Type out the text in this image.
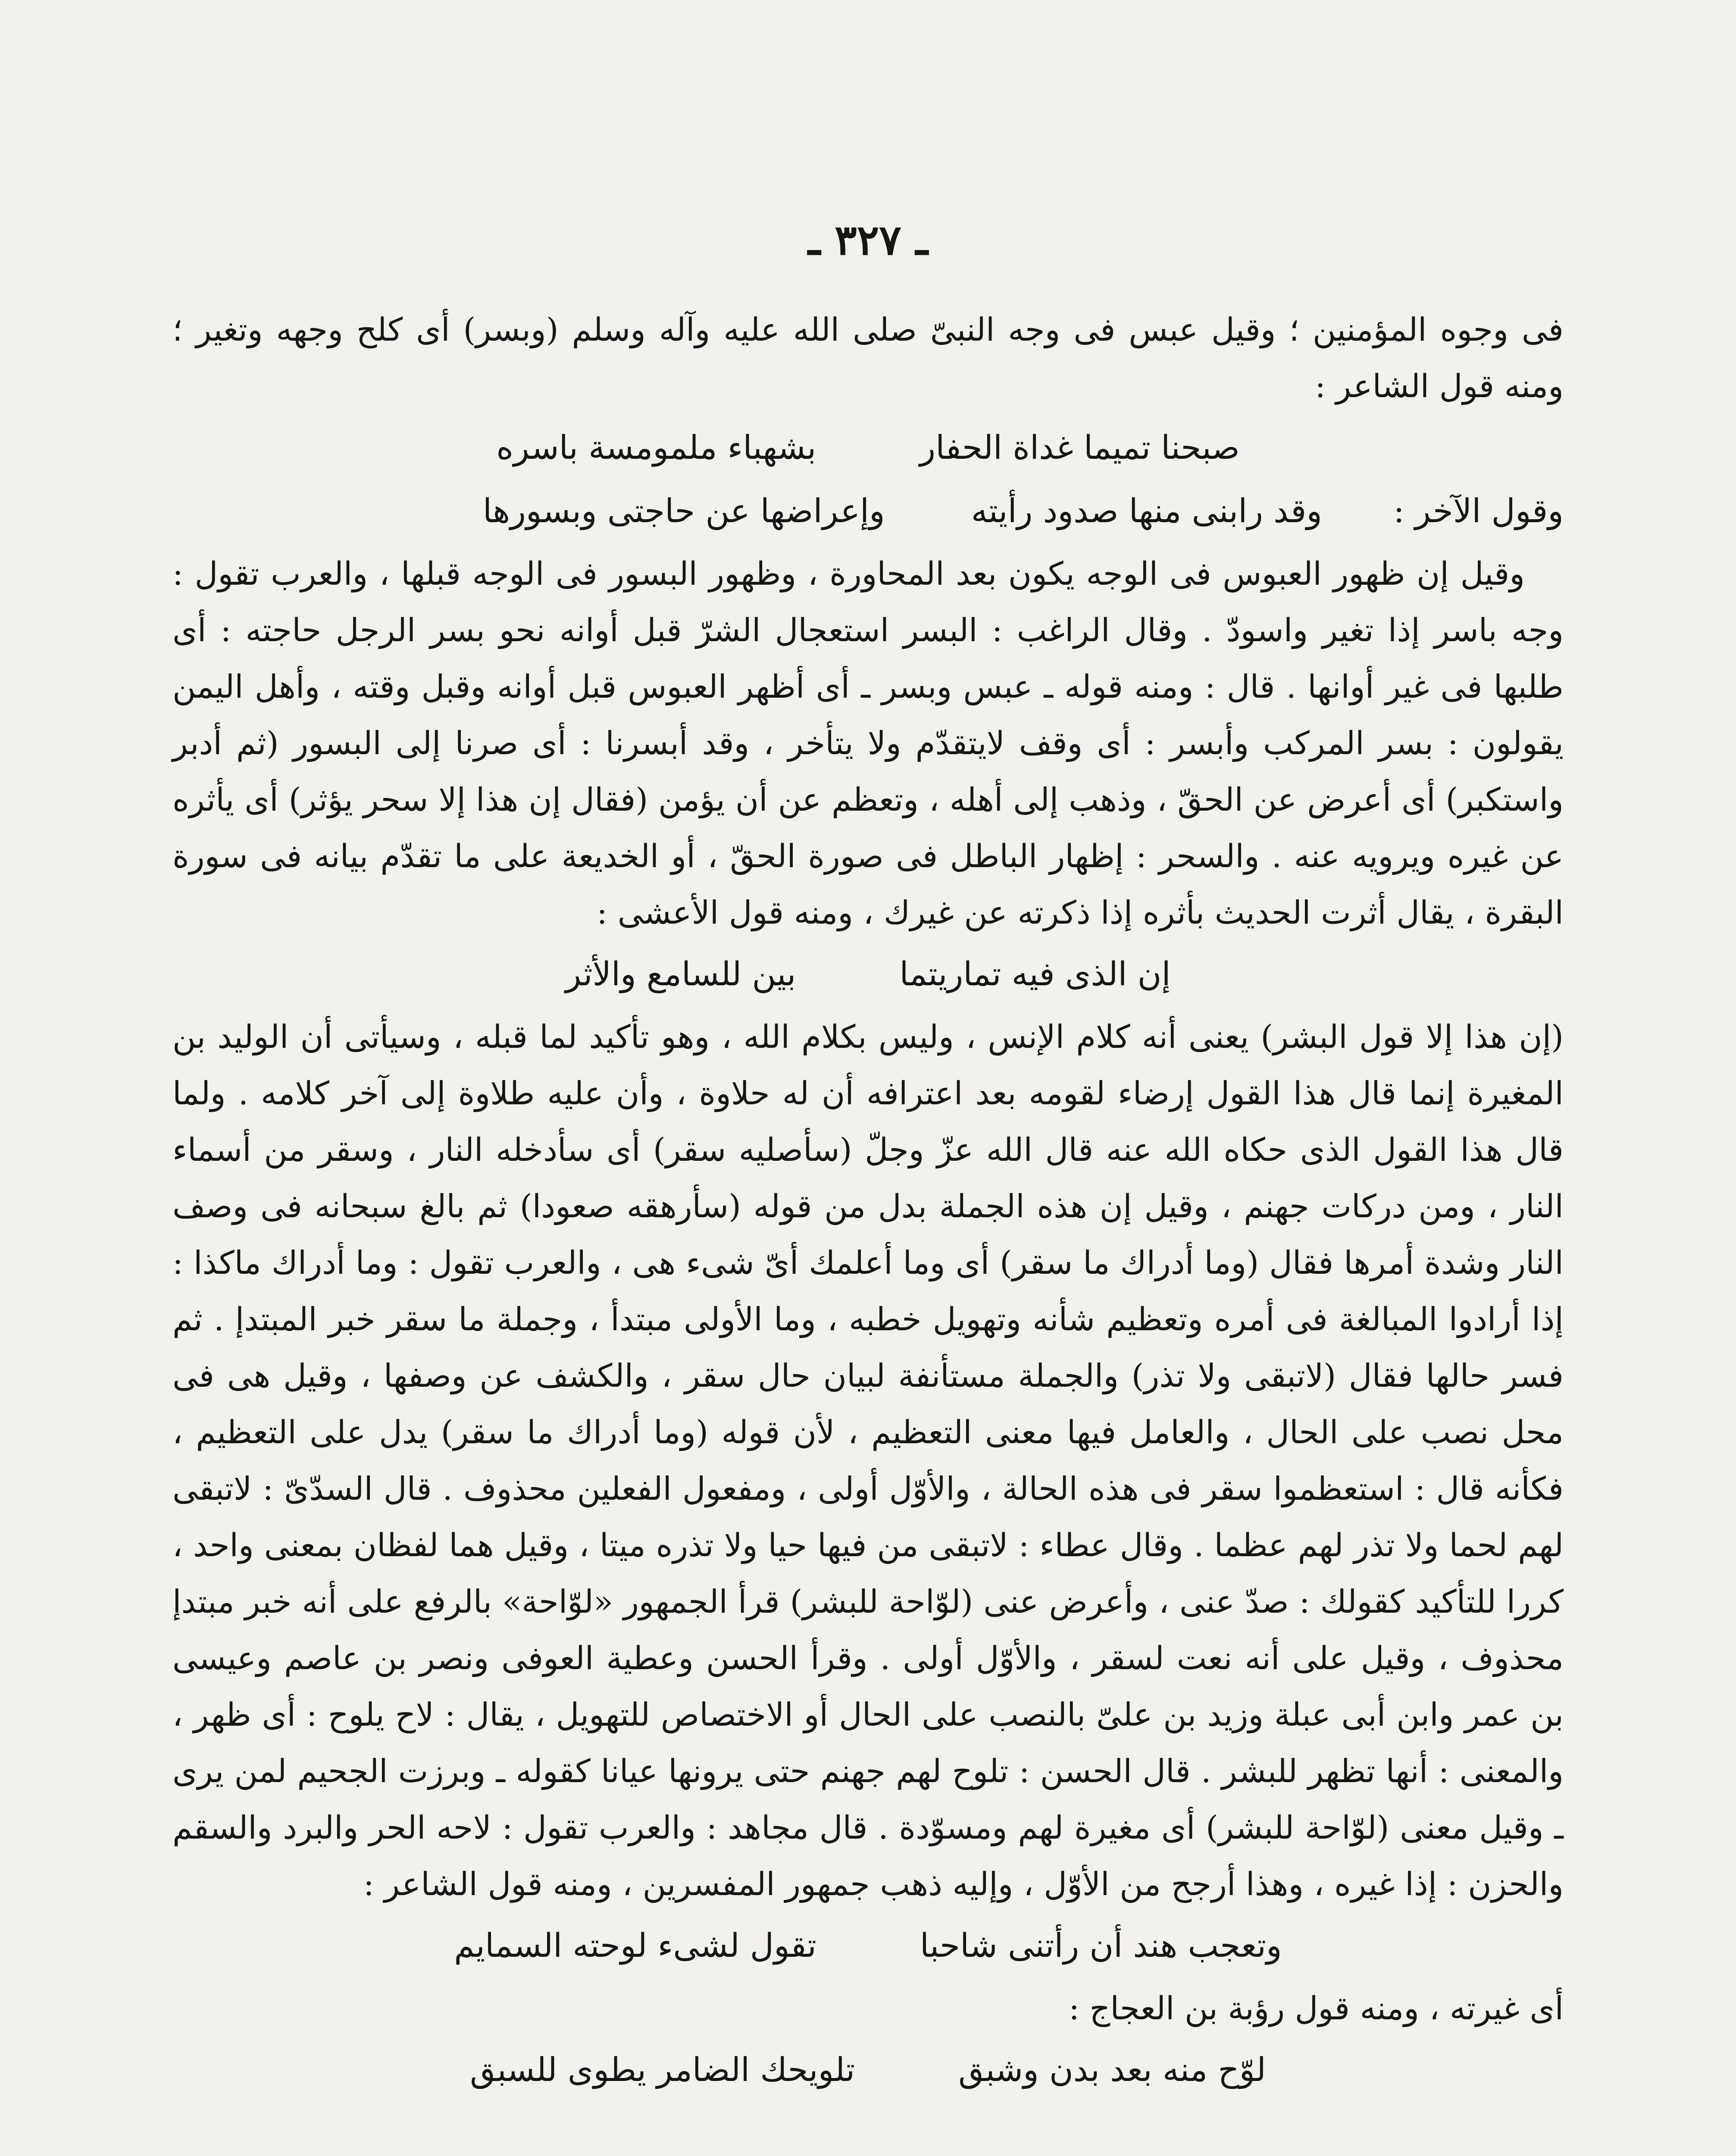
ـ ٣٢٧ ـ

فى وجوه المؤمنين ؛ وقيل عبس فى وجه النبىّ صلى الله عليه وآله وسلم (وبسر) أى كلح وجهه وتغير ؛ ومنه قول الشاعر :

صبحنا تميما غداة الحفار
بشهباء ملمومسة باسره
وقول الآخر :
وقد رابنى منها صدود رأيته
وإعراضها عن حاجتى وبسورها

وقيل إن ظهور العبوس فى الوجه يكون بعد المحاورة ، وظهور البسور فى الوجه قبلها ، والعرب تقول : وجه باسر إذا تغير واسودّ . وقال الراغب : البسر استعجال الشرّ قبل أوانه نحو بسر الرجل حاجته : أى طلبها فى غير أوانها . قال : ومنه قوله ـ عبس وبسر ـ أى أظهر العبوس قبل أوانه وقبل وقته ، وأهل اليمن يقولون : بسر المركب وأبسر : أى وقف لايتقدّم ولا يتأخر ، وقد أبسرنا : أى صرنا إلى البسور (ثم أدبر واستكبر) أى أعرض عن الحقّ ، وذهب إلى أهله ، وتعظم عن أن يؤمن (فقال إن هذا إلا سحر يؤثر) أى يأثره عن غيره ويرويه عنه . والسحر : إظهار الباطل فى صورة الحقّ ، أو الخديعة على ما تقدّم بيانه فى سورة البقرة ، يقال أثرت الحديث بأثره إذا ذكرته عن غيرك ، ومنه قول الأعشى :

إن الذى فيه تماريتما
بين للسامع والأثر

(إن هذا إلا قول البشر) يعنى أنه كلام الإنس ، وليس بكلام الله ، وهو تأكيد لما قبله ، وسيأتى أن الوليد بن المغيرة إنما قال هذا القول إرضاء لقومه بعد اعترافه أن له حلاوة ، وأن عليه طلاوة إلى آخر كلامه . ولما قال هذا القول الذى حكاه الله عنه قال الله عزّ وجلّ (سأصليه سقر) أى سأدخله النار ، وسقر من أسماء النار ، ومن دركات جهنم ، وقيل إن هذه الجملة بدل من قوله (سأرهقه صعودا) ثم بالغ سبحانه فى وصف النار وشدة أمرها فقال (وما أدراك ما سقر) أى وما أعلمك أىّ شىء هى ، والعرب تقول : وما أدراك ماكذا : إذا أرادوا المبالغة فى أمره وتعظيم شأنه وتهويل خطبه ، وما الأولى مبتدأ ، وجملة ما سقر خبر المبتدإ . ثم فسر حالها فقال (لاتبقى ولا تذر) والجملة مستأنفة لبيان حال سقر ، والكشف عن وصفها ، وقيل هى فى محل نصب على الحال ، والعامل فيها معنى التعظيم ، لأن قوله (وما أدراك ما سقر) يدل على التعظيم ، فكأنه قال : استعظموا سقر فى هذه الحالة ، والأوّل أولى ، ومفعول الفعلين محذوف . قال السدّىّ : لاتبقى لهم لحما ولا تذر لهم عظما . وقال عطاء : لاتبقى من فيها حيا ولا تذره ميتا ، وقيل هما لفظان بمعنى واحد ، كررا للتأكيد كقولك : صدّ عنى ، وأعرض عنى (لوّاحة للبشر) قرأ الجمهور «لوّاحة» بالرفع على أنه خبر مبتدإ محذوف ، وقيل على أنه نعت لسقر ، والأوّل أولى . وقرأ الحسن وعطية العوفى ونصر بن عاصم وعيسى بن عمر وابن أبى عبلة وزيد بن علىّ بالنصب على الحال أو الاختصاص للتهويل ، يقال : لاح يلوح : أى ظهر ، والمعنى : أنها تظهر للبشر . قال الحسن : تلوح لهم جهنم حتى يرونها عيانا كقوله ـ وبرزت الجحيم لمن يرى ـ وقيل معنى (لوّاحة للبشر) أى مغيرة لهم ومسوّدة . قال مجاهد : والعرب تقول : لاحه الحر والبرد والسقم والحزن : إذا غيره ، وهذا أرجح من الأوّل ، وإليه ذهب جمهور المفسرين ، ومنه قول الشاعر :

وتعجب هند أن رأتنى شاحبا
تقول لشىء لوحته السمايم

أى غيرته ، ومنه قول رؤبة بن العجاج :

لوّح منه بعد بدن وشبق
تلويحك الضامر يطوى للسبق
